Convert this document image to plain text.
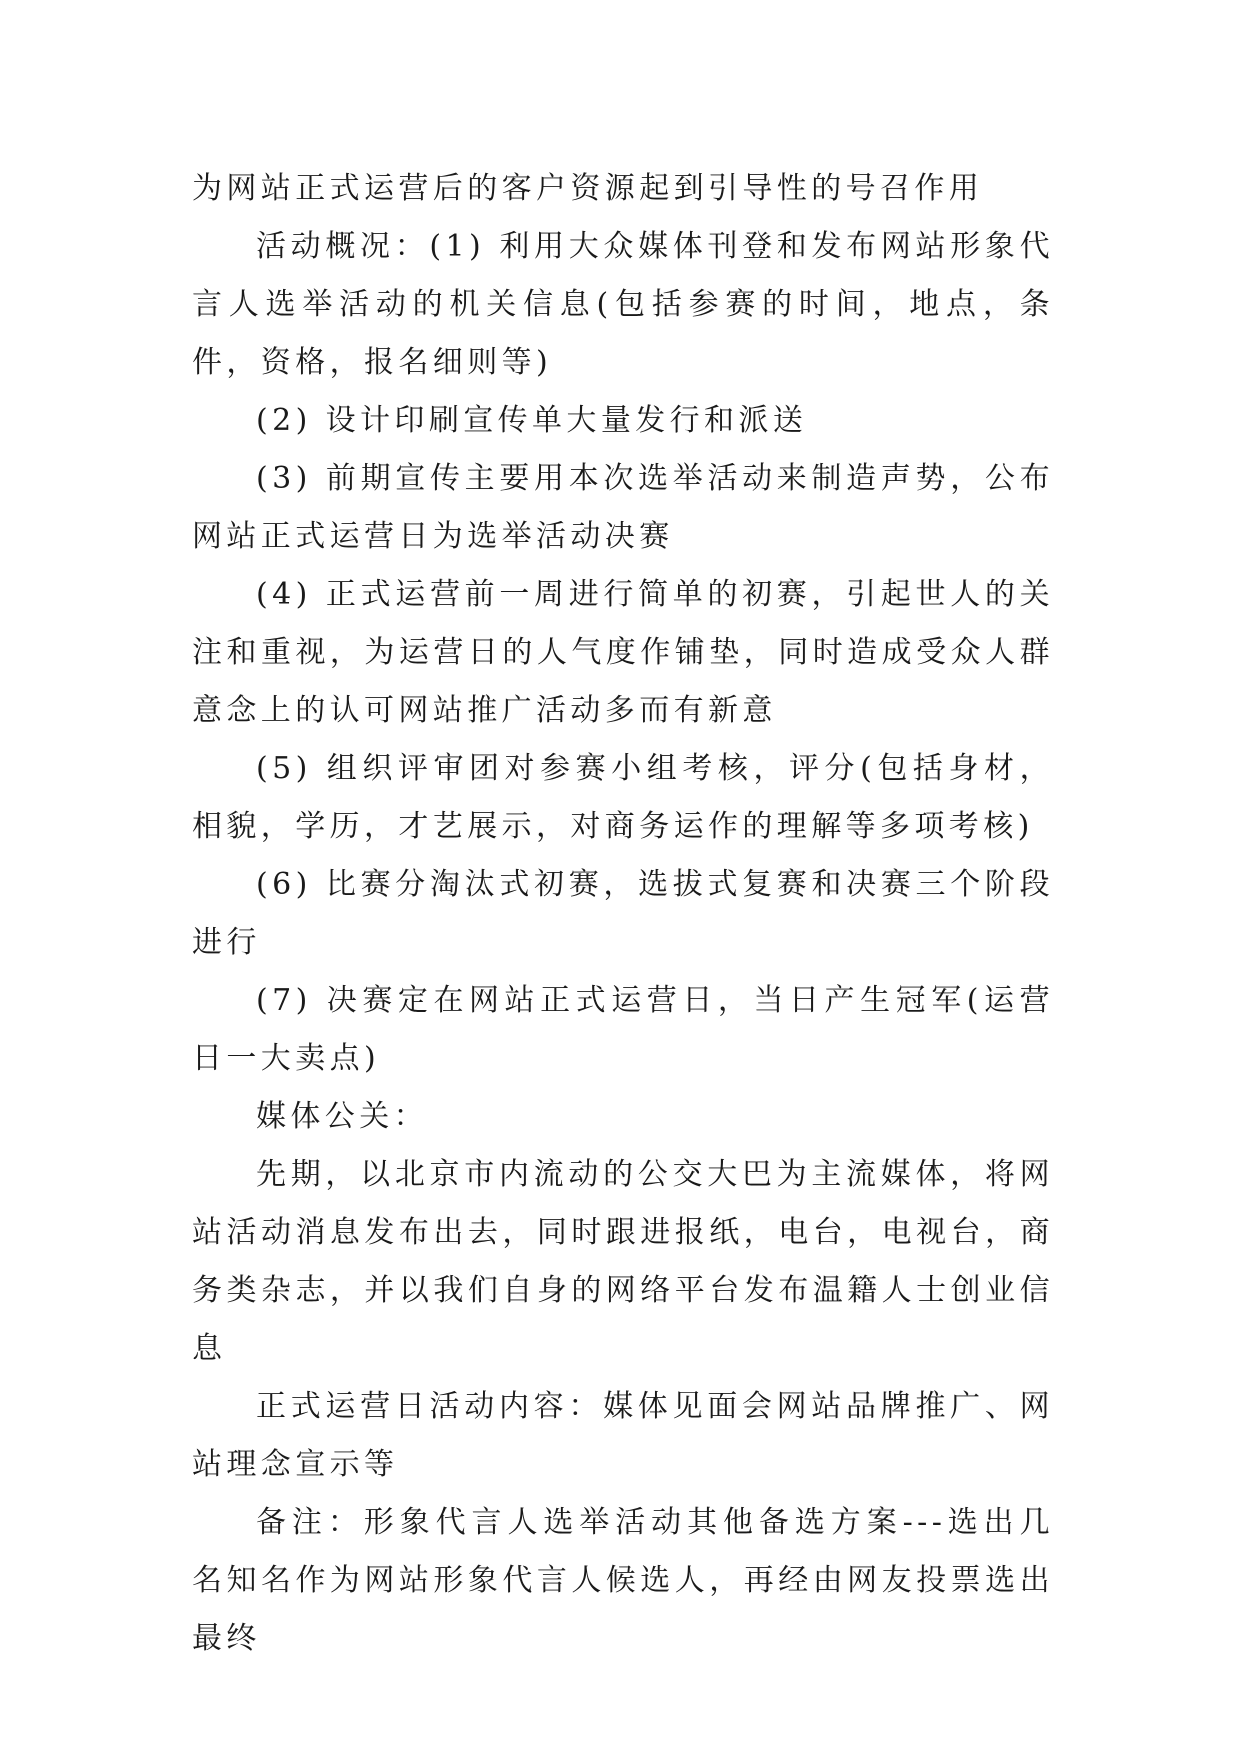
为网站正式运营后的客户资源起到引导性的号召作用

活动概况：(1) 利用大众媒体刊登和发布网站形象代言人选举活动的机关信息(包括参赛的时间，地点，条件，资格，报名细则等)

(2) 设计印刷宣传单大量发行和派送

(3) 前期宣传主要用本次选举活动来制造声势，公布网站正式运营日为选举活动决赛

(4) 正式运营前一周进行简单的初赛，引起世人的关注和重视，为运营日的人气度作铺垫，同时造成受众人群意念上的认可网站推广活动多而有新意

(5) 组织评审团对参赛小组考核，评分(包括身材，相貌，学历，才艺展示，对商务运作的理解等多项考核)

(6) 比赛分淘汰式初赛，选拔式复赛和决赛三个阶段进行

(7) 决赛定在网站正式运营日，当日产生冠军(运营日一大卖点)

媒体公关：

先期，以北京市内流动的公交大巴为主流媒体，将网站活动消息发布出去，同时跟进报纸，电台，电视台，商务类杂志，并以我们自身的网络平台发布温籍人士创业信息

正式运营日活动内容：媒体见面会网站品牌推广、网站理念宣示等

备注：形象代言人选举活动其他备选方案---选出几名知名作为网站形象代言人候选人，再经由网友投票选出最终
